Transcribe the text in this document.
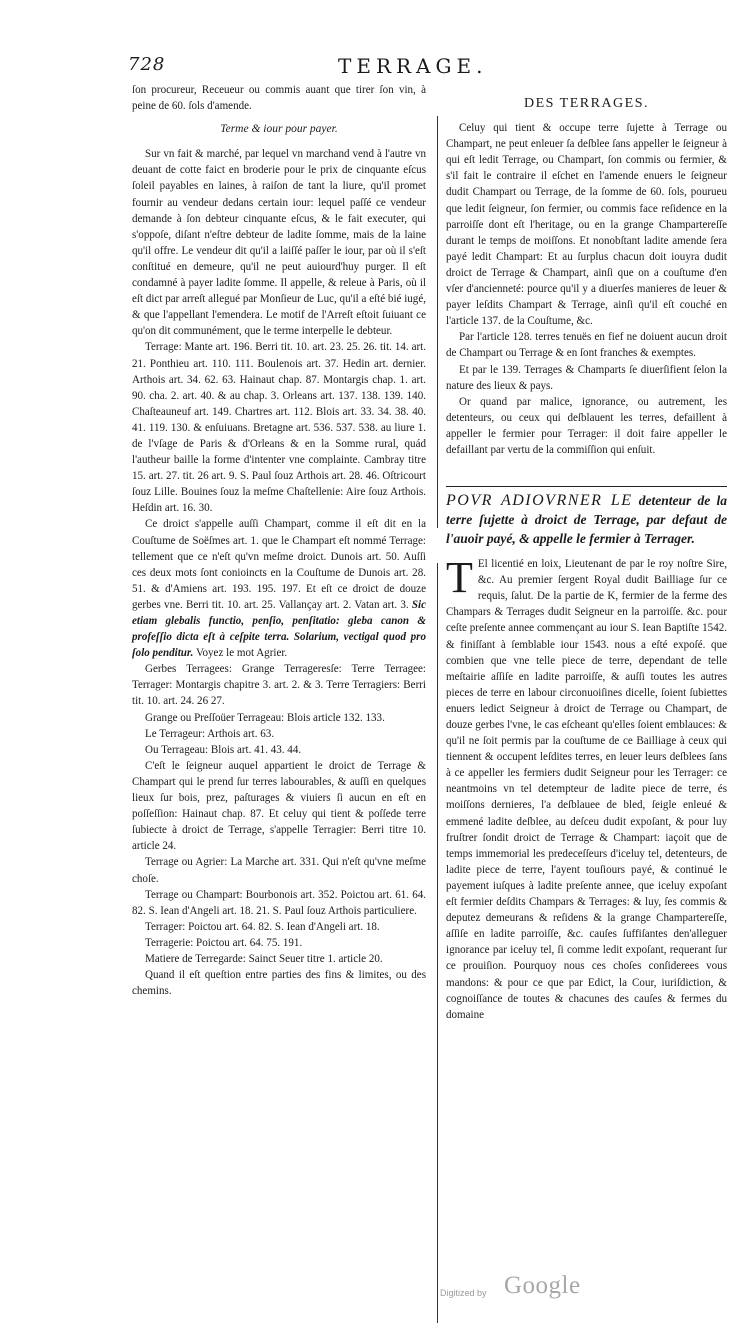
728	TERRAGE.

ſon procureur, Receueur ou commis auant que tirer ſon vin, à peine de 60. ſols d'amende.

Terme & iour pour payer.

Sur vn fait & marché, par lequel vn marchand vend à l'autre vn deuant de cotte faict en broderie pour le prix de cinquante eſcus ſoleil payables en laines, à raiſon de tant la liure, qu'il promet fournir au vendeur dedans certain iour: lequel paſſé ce vendeur demande à ſon debteur cinquante eſcus, & le fait executer, qui s'oppoſe, diſant n'eſtre debteur de ladite ſomme, mais de la laine qu'il offre. Le vendeur dit qu'il a laiſſé paſſer le iour, par où il s'eſt conſtitué en demeure, qu'il ne peut auiourd'huy purger. Il eſt condamné à payer ladite ſomme. Il appelle, & releue à Paris, où il eſt dict par arreſt allegué par Monſieur de Luc, qu'il a eſté bié iugé, & que l'appellant l'emendera. Le motif de l'Arreſt eſtoit ſuiuant ce qu'on dit communément, que le terme interpelle le debteur.

Terrage: Mante art. 196. Berri tit. 10. art. 23. 25. 26. tit. 14. art. 21. Ponthieu art. 110. 111. Boulenois art. 37. Hedin art. dernier. Arthois art. 34. 62. 63. Hainaut chap. 87. Montargis chap. 1. art. 90. cha. 2. art. 40. & au chap. 3. Orleans art. 137. 138. 139. 140. Chaſteauneuf art. 149. Chartres art. 112. Blois art. 33. 34. 38. 40. 41. 119. 130. & enſuiuans. Bretagne art. 536. 537. 538. au liure 1. de l'vſage de Paris & d'Orleans & en la Somme rural, quád l'autheur baille la forme d'intenter vne complainte. Cambray titre 15. art. 27. tit. 26 art. 9. S. Paul ſouz Arthois art. 28. 46. Oſtricourt ſouz Lille. Bouines ſouz la meſme Chaſtellenie: Aire ſouz Arthois. Heſdin art. 16. 30.

Ce droict s'appelle auſſi Champart, comme il eſt dit en la Couſtume de Soëſmes art. 1. que le Champart eſt nommé Terrage: tellement que ce n'eſt qu'vn meſme droict. Dunois art. 50. Auſſi ces deux mots ſont conioincts en la Couſtume de Dunois art. 28. 51. & d'Amiens art. 193. 195. 197. Et eſt ce droict de douze gerbes vne. Berri tit. 10. art. 25. Vallançay art. 2. Vatan art. 3. Sic etiam glebalis functio, penſio, penſitatio: gleba canon & profeſſio dicta eſt à ceſpite terra. Solarium, vectigal quod pro ſolo penditur. Voyez le mot Agrier.

Gerbes Terragees: Grange Terrageresſe: Terre Terragee: Terrager: Montargis chapitre 3. art. 2. & 3. Terre Terragiers: Berri tit. 10. art. 24. 26 27.

Grange ou Preſſoüer Terrageau: Blois article 132. 133.

Le Terrageur: Arthois art. 63.

Ou Terrageau: Blois art. 41. 43. 44.

C'eſt le ſeigneur auquel appartient le droict de Terrage & Champart qui le prend ſur terres labourables, & auſſi en quelques lieux ſur bois, prez, paſturages & viuiers ſi aucun en eſt en poſſeſſion: Hainaut chap. 87. Et celuy qui tient & poſſede terre ſubiecte à droict de Terrage, s'appelle Terragier: Berri titre 10. article 24.

Terrage ou Agrier: La Marche art. 331. Qui n'eſt qu'vne meſme choſe.

Terrage ou Champart: Bourbonois art. 352. Poictou art. 61. 64. 82. S. Iean d'Angeli art. 18. 21. S. Paul ſouz Arthois particuliere.

Terrager: Poictou art. 64. 82. S. Iean d'Angeli art. 18.

Terragerie: Poictou art. 64. 75. 191.

Matiere de Terregarde: Sainct Seuer titre 1. article 20.

Quand il eſt queſtion entre parties des fins & limites, ou des chemins.

DES TERRAGES.

Celuy qui tient & occupe terre ſujette à Terrage ou Champart, ne peut enleuer ſa deſblee ſans appeller le ſeigneur à qui eſt ledit Terrage, ou Champart, ſon commis ou fermier, & s'il fait le contraire il eſchet en l'amende enuers le ſeigneur dudit Champart ou Terrage, de la ſomme de 60. ſols, pourueu que ledit ſeigneur, ſon fermier, ou commis face reſidence en la parroiſſe dont eſt l'heritage, ou en la grange Champartereſſe durant le temps de moiſſons. Et nonobſtant ladite amende ſera payé ledit Champart: Et au ſurplus chacun doit iouyra dudit droict de Terrage & Champart, ainſi que on a couſtume d'en vſer d'ancienneté: pource qu'il y a diuerſes manieres de leuer & payer leſdits Champart & Terrage, ainſi qu'il eſt couché en l'article 137. de la Couſtume, &c.

Par l'article 128. terres tenuës en fief ne doiuent aucun droit de Champart ou Terrage & en ſont franches & exemptes.

Et par le 139. Terrages & Champarts ſe diuerſifient ſelon la nature des lieux & pays.

Or quand par malice, ignorance, ou autrement, les detenteurs, ou ceux qui deſblauent les terres, defaillent à appeller le fermier pour Terrager: il doit faire appeller le defaillant par vertu de la commiſſion qui enſuit.

POVR ADIOVRNER LE detenteur de la terre ſujette à droict de Terrage, par defaut de l'auoir payé, & appelle le fermier à Terrager.

T El licentié en loix, Lieutenant de par le roy noſtre Sire, &c. Au premier ſergent Royal dudit Bailliage ſur ce requis, ſalut. De la partie de K, fermier de la ferme des Champars & Terrages dudit Seigneur en la parroiſſe. &c. pour ceſte preſente annee commençant au iour S. Iean Baptiſte 1542. & finiſſant à ſemblable iour 1543. nous a eſté expoſé. que combien que vne telle piece de terre, dependant de telle meſtairie aſſiſe en ladite parroiſſe, & auſſi toutes les autres pieces de terre en labour circonuoiſines dicelle, ſoient ſubiettes enuers ledict Seigneur à droict de Terrage ou Champart, de douze gerbes l'vne, le cas eſcheant qu'elles ſoient emblauces: & qu'il ne ſoit permis par la couſtume de ce Bailliage à ceux qui tiennent & occupent leſdites terres, en leuer leurs deſblees ſans à ce appeller les fermiers dudit Seigneur pour les Terrager: ce neantmoins vn tel detempteur de ladite piece de terre, és moiſſons dernieres, l'a deſblauee de bled, ſeigle enleué & emmené ladite deſblee, au deſceu dudit expoſant, & pour luy fruſtrer ſondit droict de Terrage & Champart: iaçoit que de temps immemorial les predeceſſeurs d'iceluy tel, detenteurs, de ladite piece de terre, l'ayent touſiours payé, & continué le payement iuſques à ladite preſente annee, que iceluy expoſant eſt fermier deſdits Champars & Terrages: & luy, ſes commis & deputez demeurans & reſidens & la grange Champartereſſe, aſſiſe en ladite parroiſſe, &c. cauſes ſuffiſantes den'alleguer ignorance par iceluy tel, ſi comme ledit expoſant, requerant ſur ce prouiſion. Pourquoy nous ces choſes conſiderees vous mandons: & pour ce que par Edict, la Cour, iuriſdiction, & cognoiſſance de toutes & chacunes des cauſes & fermes du domaine

Digitized by Google
